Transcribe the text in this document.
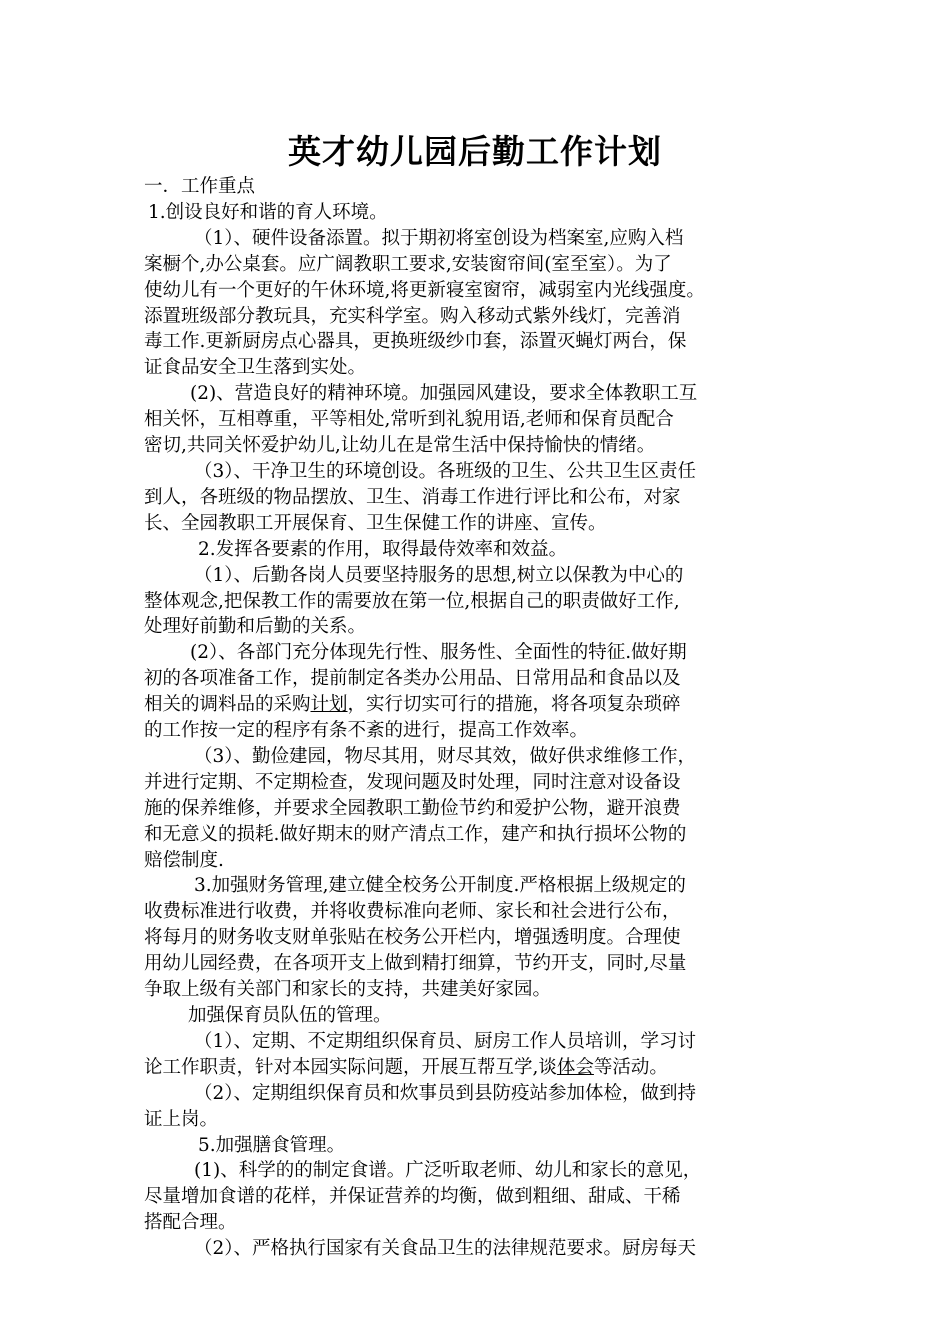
英才幼儿园后勤工作计划

一．工作重点

1.创设良好和谐的育人环境。

（1）、硬件设备添置。拟于期初将室创设为档案室,应购入档

案橱个,办公桌套。应广阔教职工要求,安装窗帘间(室至室）。为了

使幼儿有一个更好的午休环境,将更新寝室窗帘，减弱室内光线强度。

添置班级部分教玩具，充实科学室。购入移动式紫外线灯，完善消

毒工作.更新厨房点心器具，更换班级纱巾套，添置灭蝇灯两台，保

证食品安全卫生落到实处。

(2)、营造良好的精神环境。加强园风建设，要求全体教职工互

相关怀，互相尊重，平等相处,常听到礼貌用语,老师和保育员配合

密切,共同关怀爱护幼儿,让幼儿在是常生活中保持愉快的情绪。

（3）、干净卫生的环境创设。各班级的卫生、公共卫生区责任

到人，各班级的物品摆放、卫生、消毒工作进行评比和公布，对家

长、全园教职工开展保育、卫生保健工作的讲座、宣传。

2.发挥各要素的作用，取得最侍效率和效益。

（1）、后勤各岗人员要坚持服务的思想,树立以保教为中心的

整体观念,把保教工作的需要放在第一位,根据自己的职责做好工作,

处理好前勤和后勤的关系。

(2）、各部门充分体现先行性、服务性、全面性的特征.做好期

初的各项准备工作，提前制定各类办公用品、日常用品和食品以及

相关的调料品的采购计划，实行切实可行的措施，将各项复杂琐碎

的工作按一定的程序有条不紊的进行，提高工作效率。

（3）、勤俭建园，物尽其用，财尽其效，做好供求维修工作，

并进行定期、不定期检查，发现问题及时处理，同时注意对设备设

施的保养维修，并要求全园教职工勤俭节约和爱护公物，避开浪费

和无意义的损耗.做好期末的财产清点工作，建产和执行损坏公物的

赔偿制度.

3.加强财务管理,建立健全校务公开制度.严格根据上级规定的

收费标准进行收费，并将收费标准向老师、家长和社会进行公布，

将每月的财务收支财单张贴在校务公开栏内，增强透明度。合理使

用幼儿园经费，在各项开支上做到精打细算，节约开支，同时,尽量

争取上级有关部门和家长的支持，共建美好家园。

加强保育员队伍的管理。

（1）、定期、不定期组织保育员、厨房工作人员培训，学习讨

论工作职责，针对本园实际问题，开展互帮互学,谈体会等活动。

（2）、定期组织保育员和炊事员到县防疫站参加体检，做到持

证上岗。

5.加强膳食管理。

(1)、科学的的制定食谱。广泛听取老师、幼儿和家长的意见，

尽量增加食谱的花样，并保证营养的均衡，做到粗细、甜咸、干稀

搭配合理。

（2）、严格执行国家有关食品卫生的法律规范要求。厨房每天
